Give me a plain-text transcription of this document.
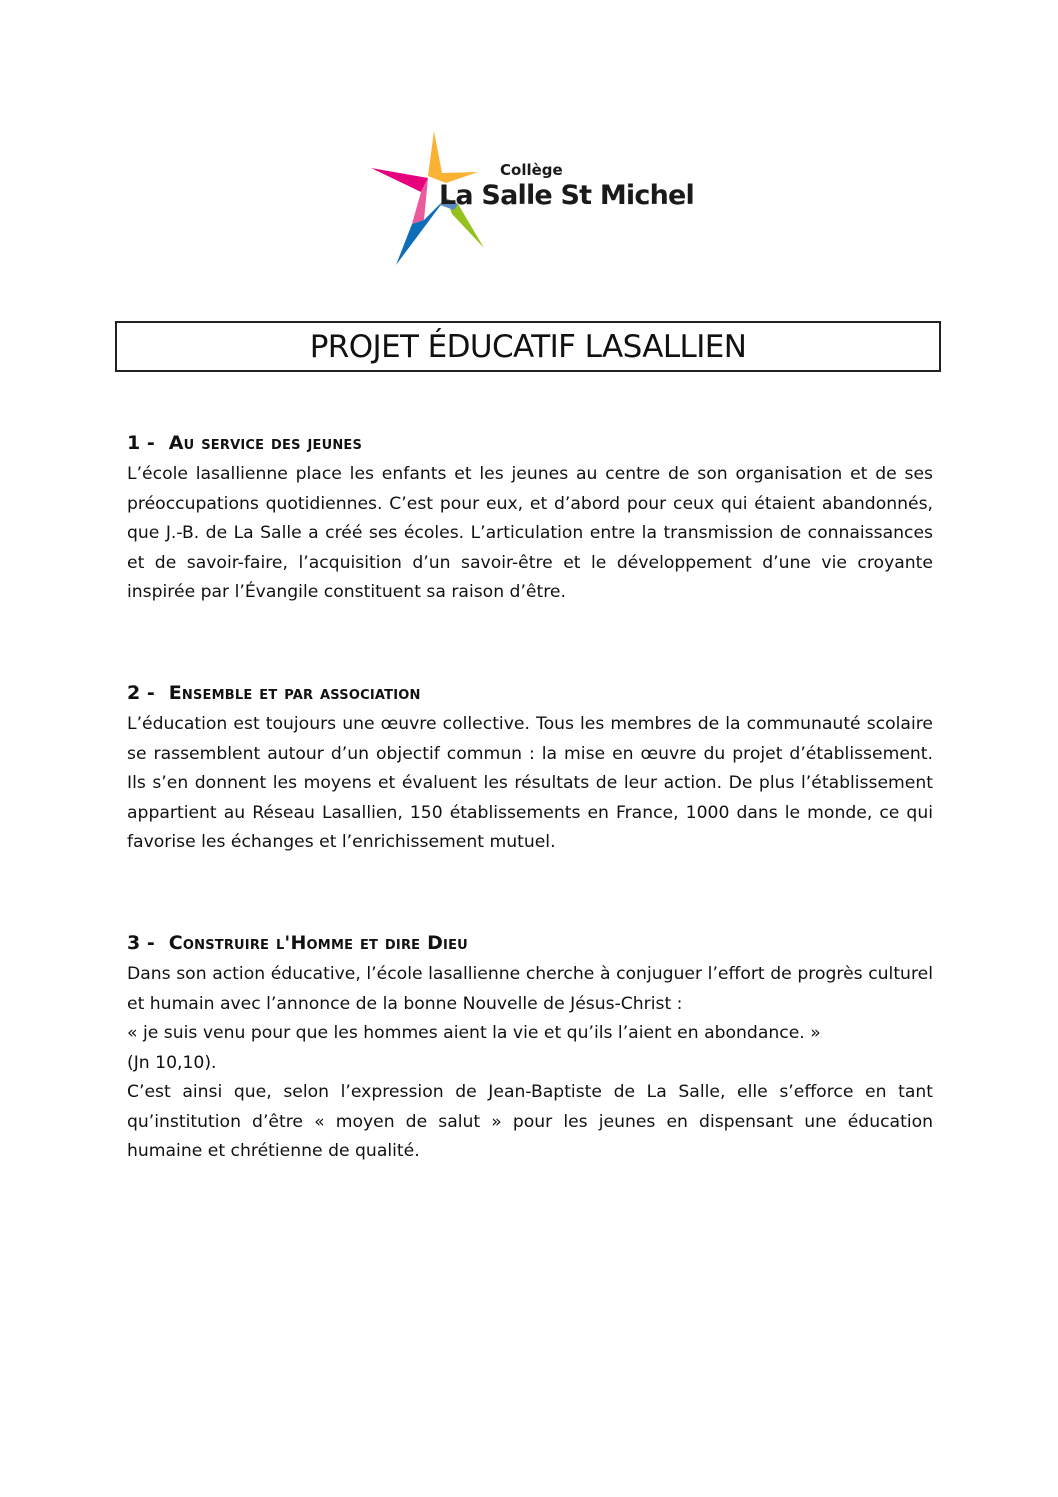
Collège
La Salle St Michel
PROJET ÉDUCATIF LASALLIEN
1 - Au service des jeunes

L’école lasallienne place les enfants et les jeunes au centre de son organisation et de ses préoccupations quotidiennes. C’est pour eux, et d’abord pour ceux qui étaient abandonnés, que J.-B. de La Salle a créé ses écoles. L’articulation entre la transmission de connaissances et de savoir-faire, l’acquisition d’un savoir-être et le développement d’une vie croyante inspirée par l’Évangile constituent sa raison d’être.

2 - Ensemble et par association

L’éducation est toujours une œuvre collective. Tous les membres de la communauté scolaire se rassemblent autour d’un objectif commun : la mise en œuvre du projet d’établissement. Ils s’en donnent les moyens et évaluent les résultats de leur action. De plus l’établissement appartient au Réseau Lasallien, 150 établissements en France, 1000 dans le monde, ce qui favorise les échanges et l’enrichissement mutuel.

3 - Construire l'Homme et dire Dieu

Dans son action éducative, l’école lasallienne cherche à conjuguer l’effort de progrès culturel et humain avec l’annonce de la bonne Nouvelle de Jésus-Christ :

« je suis venu pour que les hommes aient la vie et qu’ils l’aient en abondance. »

(Jn 10,10).

C’est ainsi que, selon l’expression de Jean-Baptiste de La Salle, elle s’efforce en tant qu’institution d’être « moyen de salut » pour les jeunes en dispensant une éducation humaine et chrétienne de qualité.
